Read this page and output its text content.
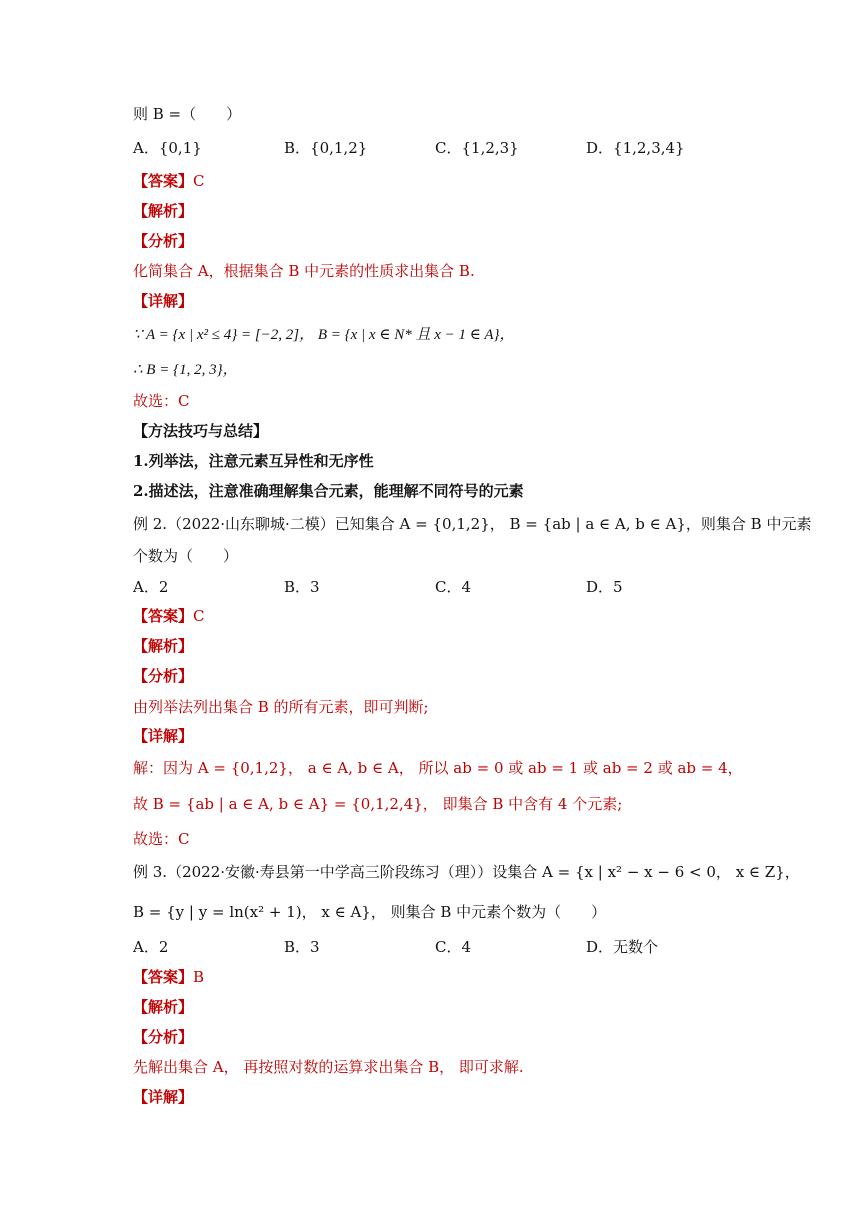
则 B =（　　）
A．{0,1}	B．{0,1,2}	C．{1,2,3}	D．{1,2,3,4}
【答案】C
【解析】
【分析】
化简集合 A，根据集合 B 中元素的性质求出集合 B.
【详解】
∵ A = {x | x² ≤ 4} = [−2, 2]， B = {x | x ∈ N* 且 x − 1 ∈ A}，
∴ B = {1, 2, 3}，
故选：C
【方法技巧与总结】
1.列举法，注意元素互异性和无序性
2.描述法，注意准确理解集合元素，能理解不同符号的元素
例 2.（2022·山东聊城·二模）已知集合 A = {0,1,2}， B = {ab | a ∈ A, b ∈ A}，则集合 B 中元素
个数为（　　）
A．2	B．3	C．4	D．5
【答案】C
【解析】
【分析】
由列举法列出集合 B 的所有元素，即可判断;
【详解】
解：因为 A = {0,1,2}， a ∈ A, b ∈ A， 所以 ab = 0 或 ab = 1 或 ab = 2 或 ab = 4，
故 B = {ab | a ∈ A, b ∈ A} = {0,1,2,4}， 即集合 B 中含有 4 个元素;
故选：C
例 3.（2022·安徽·寿县第一中学高三阶段练习（理））设集合 A = {x | x² − x − 6 < 0， x ∈ Z}，
B = {y | y = ln(x² + 1)， x ∈ A}， 则集合 B 中元素个数为（　　）
A．2	B．3	C．4	D．无数个
【答案】B
【解析】
【分析】
先解出集合 A， 再按照对数的运算求出集合 B， 即可求解.
【详解】
